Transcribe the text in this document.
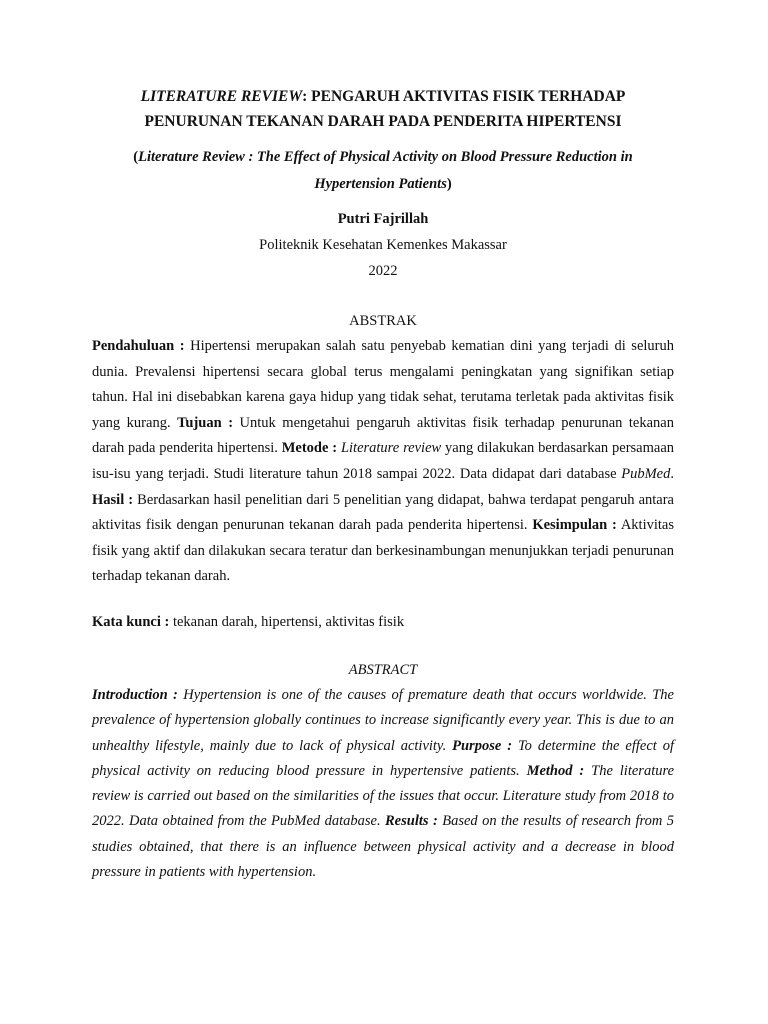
LITERATURE REVIEW: PENGARUH AKTIVITAS FISIK TERHADAP
PENURUNAN TEKANAN DARAH PADA PENDERITA HIPERTENSI

(Literature Review : The Effect of Physical Activity on Blood Pressure Reduction in
Hypertension Patients)

Putri Fajrillah

Politeknik Kesehatan Kemenkes Makassar

2022

ABSTRAK

Pendahuluan : Hipertensi merupakan salah satu penyebab kematian dini yang terjadi di seluruh dunia. Prevalensi hipertensi secara global terus mengalami peningkatan yang signifikan setiap tahun. Hal ini disebabkan karena gaya hidup yang tidak sehat, terutama terletak pada aktivitas fisik yang kurang. Tujuan : Untuk mengetahui pengaruh aktivitas fisik terhadap penurunan tekanan darah pada penderita hipertensi. Metode : Literature review yang dilakukan berdasarkan persamaan isu-isu yang terjadi. Studi literature tahun 2018 sampai 2022. Data didapat dari database PubMed. Hasil : Berdasarkan hasil penelitian dari 5 penelitian yang didapat, bahwa terdapat pengaruh antara aktivitas fisik dengan penurunan tekanan darah pada penderita hipertensi. Kesimpulan : Aktivitas fisik yang aktif dan dilakukan secara teratur dan berkesinambungan menunjukkan terjadi penurunan terhadap tekanan darah.

Kata kunci : tekanan darah, hipertensi, aktivitas fisik

ABSTRACT

Introduction : Hypertension is one of the causes of premature death that occurs worldwide. The prevalence of hypertension globally continues to increase significantly every year. This is due to an unhealthy lifestyle, mainly due to lack of physical activity. Purpose : To determine the effect of physical activity on reducing blood pressure in hypertensive patients. Method : The literature review is carried out based on the similarities of the issues that occur. Literature study from 2018 to 2022. Data obtained from the PubMed database. Results : Based on the results of research from 5 studies obtained, that there is an influence between physical activity and a decrease in blood pressure in patients with hypertension.
